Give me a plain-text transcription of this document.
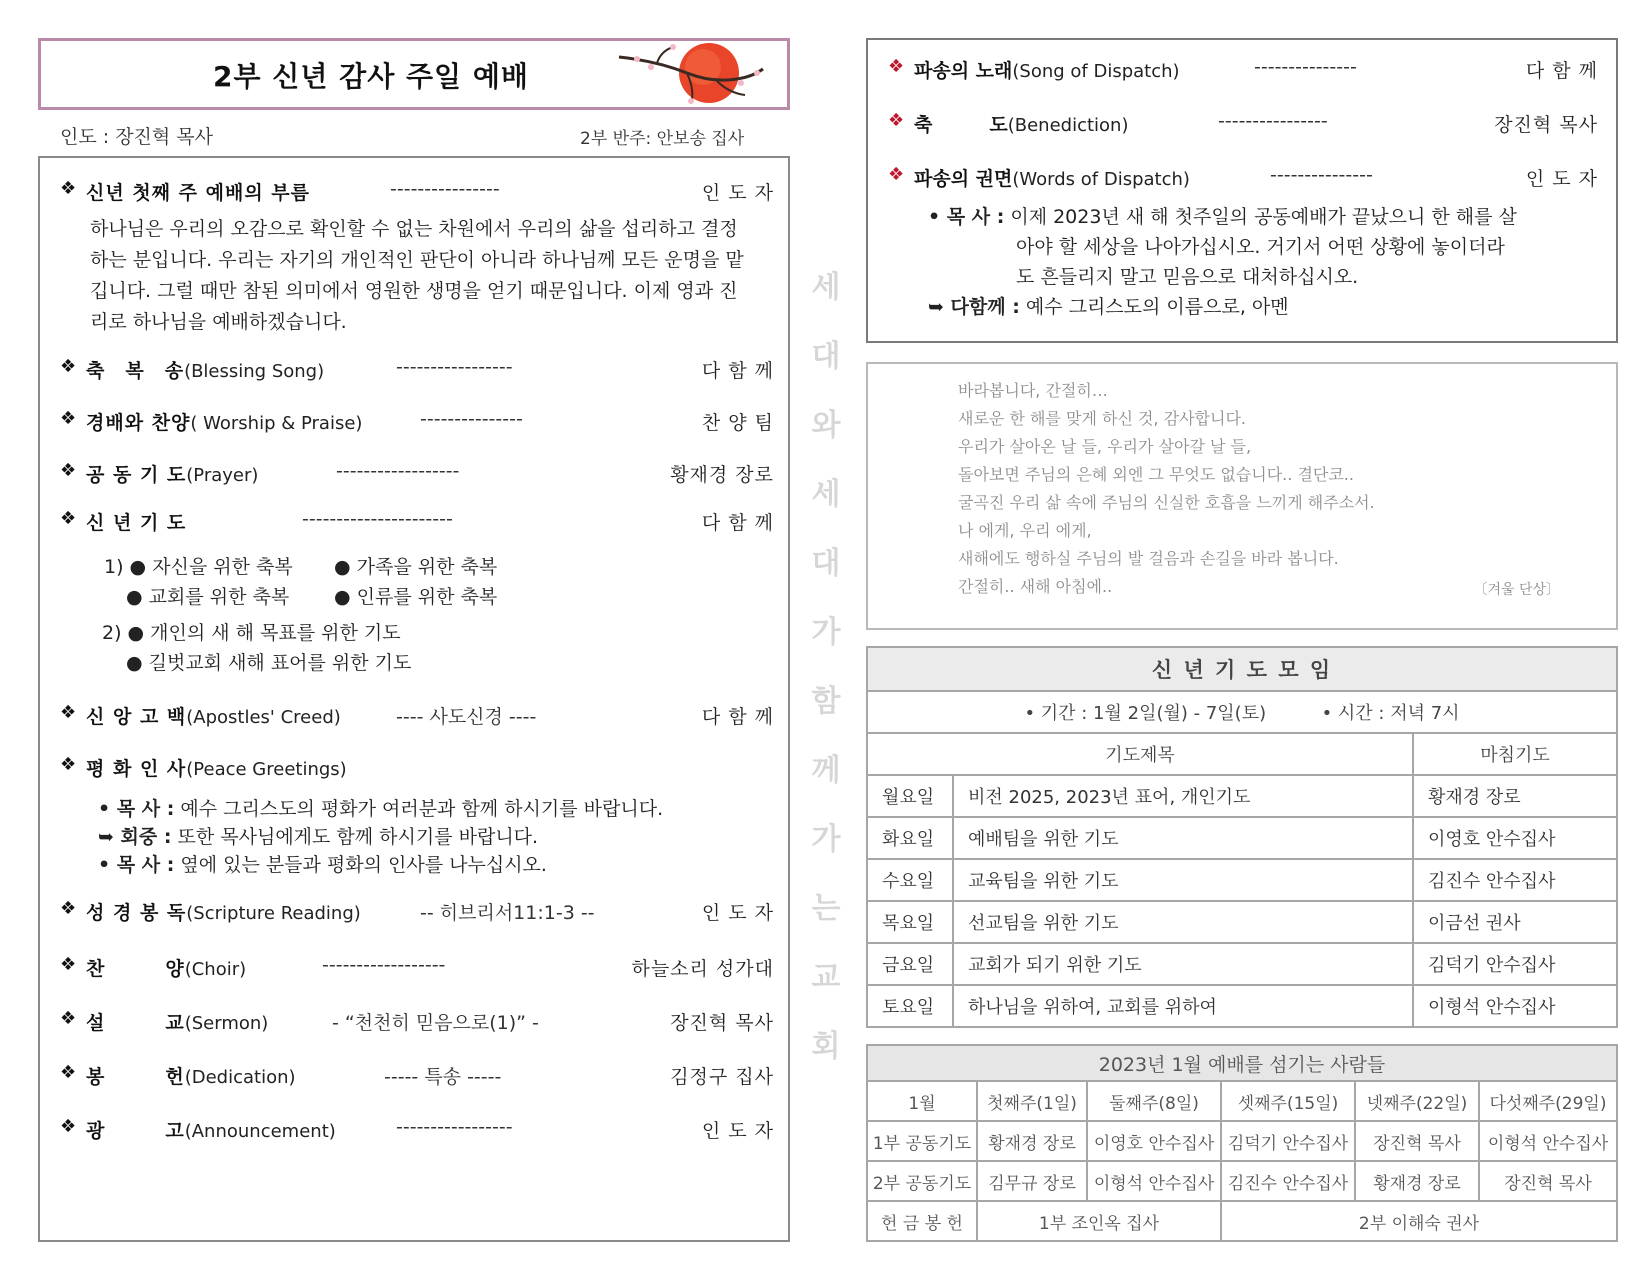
2부 신년 감사 주일 예배
인도 : 장진혁 목사	2부 반주: 안보송 집사
❖ 신년 첫째 주 예배의 부름	----------------	인 도 자
하나님은 우리의 오감으로 확인할 수 없는 차원에서 우리의 삶을 섭리하고 결정하는 분입니다. 우리는 자기의 개인적인 판단이 아니라 하나님께 모든 운명을 맡깁니다. 그럴 때만 참된 의미에서 영원한 생명을 얻기 때문입니다. 이제 영과 진리로 하나님을 예배하겠습니다.
❖ 축　복　송(Blessing Song)	-----------------	다 함 께
❖ 경배와 찬양( Worship & Praise)	---------------	찬 양 팀
❖ 공 동 기 도(Prayer)	------------------	황재경 장로
❖ 신 년 기 도	----------------------	다 함 께
1) ● 자신을 위한 축복 ● 가족을 위한 축복
● 교회를 위한 축복 ● 인류를 위한 축복
2) ● 개인의 새 해 목표를 위한 기도
● 길벗교회 새해 표어를 위한 기도
❖ 신 앙 고 백(Apostles' Creed)	---- 사도신경 ----	다 함 께
❖ 평 화 인 사(Peace Greetings)
• 목 사 : 예수 그리스도의 평화가 여러분과 함께 하시기를 바랍니다.
➥ 회중 : 또한 목사님에게도 함께 하시기를 바랍니다.
• 목 사 : 옆에 있는 분들과 평화의 인사를 나누십시오.
❖ 성 경 봉 독(Scripture Reading)	-- 히브리서11:1-3 --	인 도 자
❖ 찬　　　양(Choir)	------------------	하늘소리 성가대
❖ 설　　　교(Sermon)	- “천천히 믿음으로(1)” -	장진혁 목사
❖ 봉　　　헌(Dedication)	----- 특송 -----	김정구 집사
❖ 광　　　고(Announcement)	-----------------	인 도 자
세
대
와
세
대
가
함
께
가
는
교
회
❖ 파송의 노래(Song of Dispatch)	---------------	다 함 께
❖ 축　　　도(Benediction)	----------------	장진혁 목사
❖ 파송의 권면(Words of Dispatch)	---------------	인 도 자
• 목 사 : 이제 2023년 새 해 첫주일의 공동예배가 끝났으니 한 해를 살
아야 할 세상을 나아가십시오. 거기서 어떤 상황에 놓이더라
도 흔들리지 말고 믿음으로 대처하십시오.
➥ 다함께 : 예수 그리스도의 이름으로, 아멘
바라봅니다, 간절히…
새로운 한 해를 맞게 하신 것, 감사합니다.
우리가 살아온 날 들, 우리가 살아갈 날 들,
돌아보면 주님의 은혜 외엔 그 무엇도 없습니다.. 결단코..
굴곡진 우리 삶 속에 주님의 신실한 호흡을 느끼게 해주소서.
나 에게, 우리 에게,
새해에도 행하실 주님의 발 걸음과 손길을 바라 봅니다.
간절히.. 새해 아침에..	〔겨울 단상〕
신 년 기 도 모 임		
• 기간 : 1월 2일(월) - 7일(토) • 시간 : 저녁 7시		
기도제목		마침기도
월요일	비전 2025, 2023년 표어, 개인기도	황재경 장로
화요일	예배팀을 위한 기도	이영호 안수집사
수요일	교육팀을 위한 기도	김진수 안수집사
목요일	선교팀을 위한 기도	이금선 권사
금요일	교회가 되기 위한 기도	김덕기 안수집사
토요일	하나님을 위하여, 교회를 위하여	이형석 안수집사
2023년 1월 예배를 섬기는 사람들					
1월	첫째주(1일)	둘째주(8일)	셋째주(15일)	넷째주(22일)	다섯째주(29일)
1부 공동기도	황재경 장로	이영호 안수집사	김덕기 안수집사	장진혁 목사	이형석 안수집사
2부 공동기도	김무규 장로	이형석 안수집사	김진수 안수집사	황재경 장로	장진혁 목사
헌 금 봉 헌	1부 조인옥 집사		2부 이해숙 권사		
